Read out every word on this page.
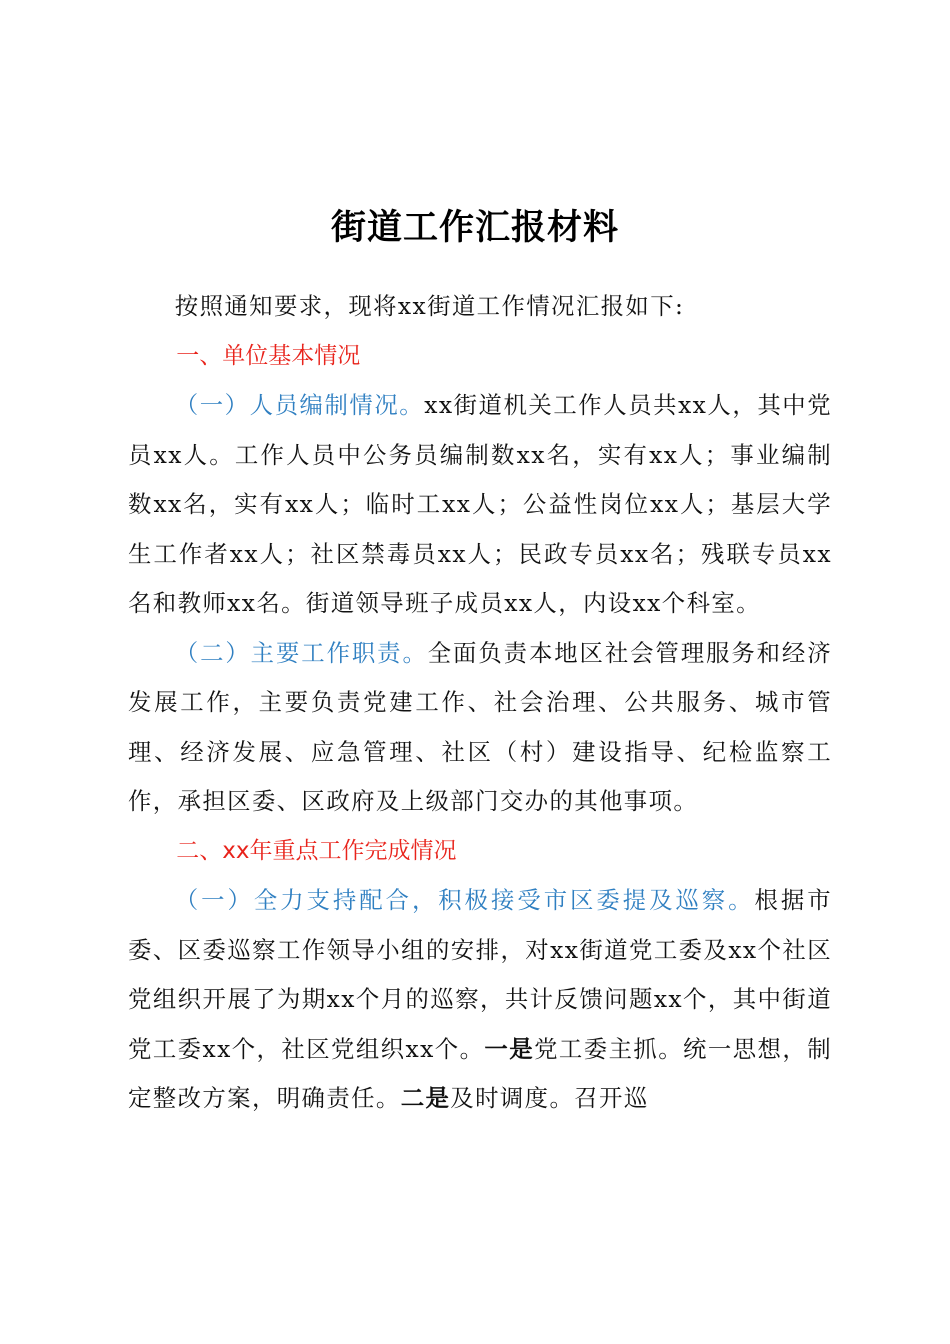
街道工作汇报材料

按照通知要求，现将xx街道工作情况汇报如下:

一、单位基本情况

（一）人员编制情况。xx街道机关工作人员共xx人，其中党员xx人。工作人员中公务员编制数xx名，实有xx人；事业编制数xx名，实有xx人；临时工xx人；公益性岗位xx人；基层大学生工作者xx人；社区禁毒员xx人；民政专员xx名；残联专员xx名和教师xx名。街道领导班子成员xx人，内设xx个科室。

（二）主要工作职责。全面负责本地区社会管理服务和经济发展工作，主要负责党建工作、社会治理、公共服务、城市管理、经济发展、应急管理、社区（村）建设指导、纪检监察工作，承担区委、区政府及上级部门交办的其他事项。

二、xx年重点工作完成情况

（一）全力支持配合，积极接受市区委提及巡察。根据市委、区委巡察工作领导小组的安排，对xx街道党工委及xx个社区党组织开展了为期xx个月的巡察，共计反馈问题xx个，其中街道党工委xx个，社区党组织xx个。一是党工委主抓。统一思想，制定整改方案，明确责任。二是及时调度。召开巡
